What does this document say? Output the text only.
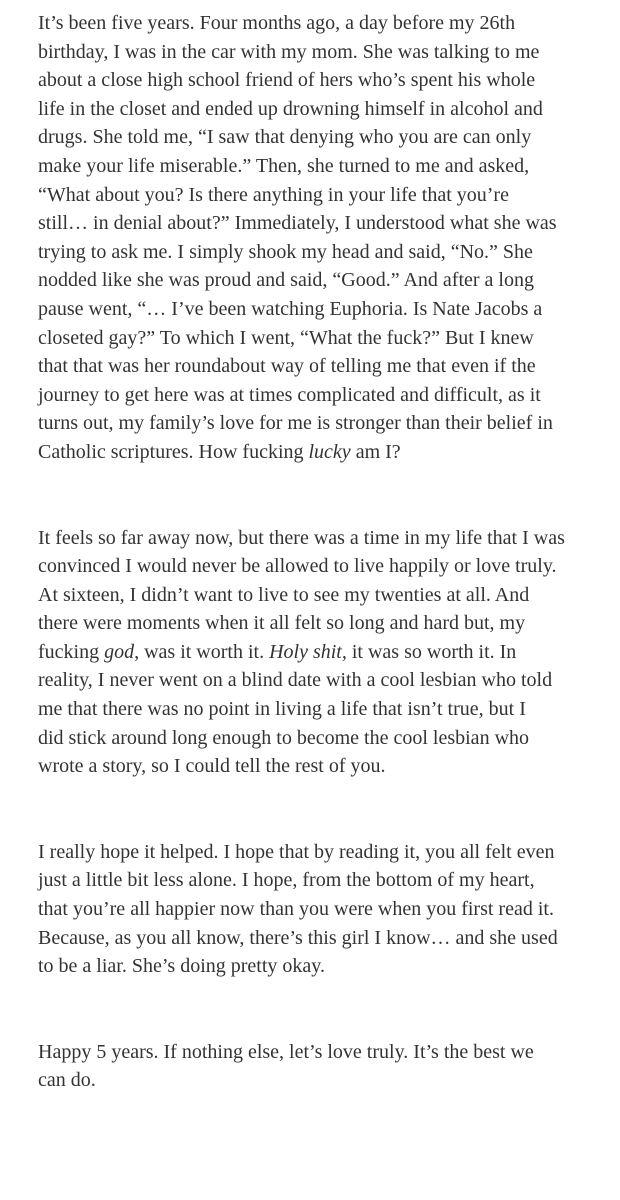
It’s been five years. Four months ago, a day before my 26th
birthday, I was in the car with my mom. She was talking to me
about a close high school friend of hers who’s spent his whole
life in the closet and ended up drowning himself in alcohol and
drugs. She told me, “I saw that denying who you are can only
make your life miserable.” Then, she turned to me and asked,
“What about you? Is there anything in your life that you’re
still… in denial about?” Immediately, I understood what she was
trying to ask me. I simply shook my head and said, “No.” She
nodded like she was proud and said, “Good.” And after a long
pause went, “… I’ve been watching Euphoria. Is Nate Jacobs a
closeted gay?” To which I went, “What the fuck?” But I knew
that that was her roundabout way of telling me that even if the
journey to get here was at times complicated and difficult, as it
turns out, my family’s love for me is stronger than their belief in
Catholic scriptures. How fucking lucky am I?

It feels so far away now, but there was a time in my life that I was
convinced I would never be allowed to live happily or love truly.
At sixteen, I didn’t want to live to see my twenties at all. And
there were moments when it all felt so long and hard but, my
fucking god, was it worth it. Holy shit, it was so worth it. In
reality, I never went on a blind date with a cool lesbian who told
me that there was no point in living a life that isn’t true, but I
did stick around long enough to become the cool lesbian who
wrote a story, so I could tell the rest of you.

I really hope it helped. I hope that by reading it, you all felt even
just a little bit less alone. I hope, from the bottom of my heart,
that you’re all happier now than you were when you first read it.
Because, as you all know, there’s this girl I know… and she used
to be a liar. She’s doing pretty okay.

Happy 5 years. If nothing else, let’s love truly. It’s the best we
can do.
